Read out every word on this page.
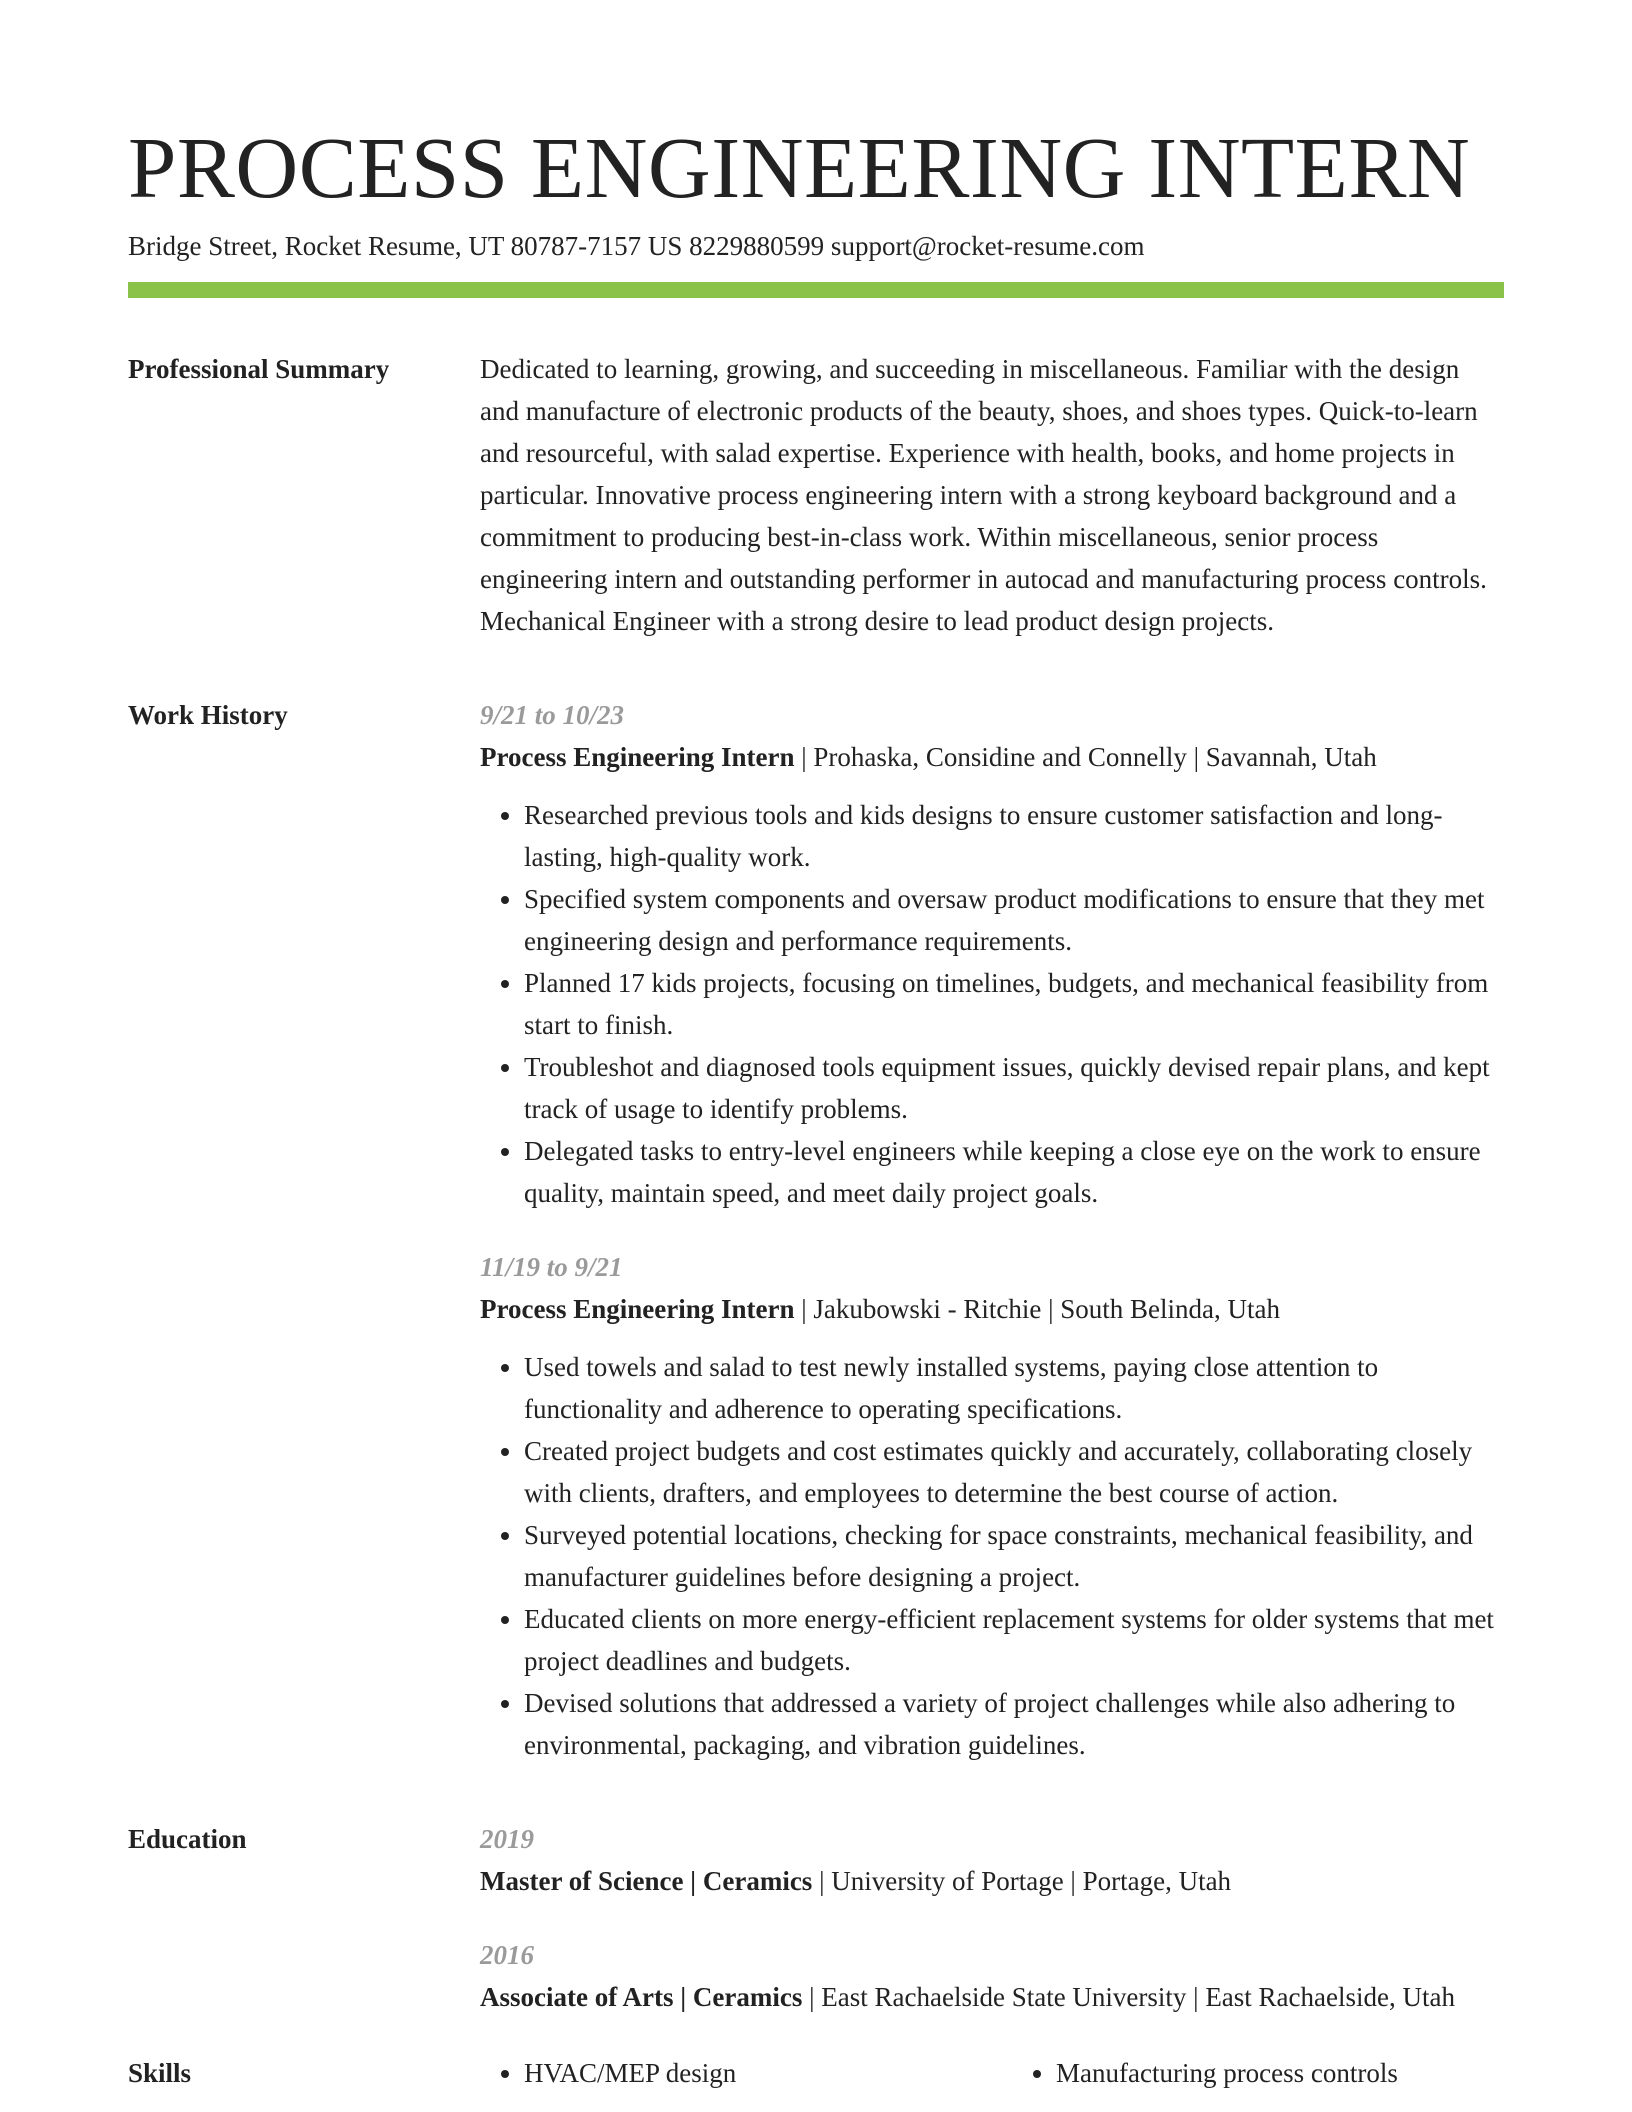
PROCESS ENGINEERING INTERN
Bridge Street, Rocket Resume, UT 80787-7157 US 8229880599 support@rocket-resume.com
Professional Summary	Dedicated to learning, growing, and succeeding in miscellaneous. Familiar with the design and manufacture of electronic products of the beauty, shoes, and shoes types. Quick-to-learn and resourceful, with salad expertise. Experience with health, books, and home projects in particular. Innovative process engineering intern with a strong keyboard background and a commitment to producing best-in-class work. Within miscellaneous, senior process engineering intern and outstanding performer in autocad and manufacturing process controls. Mechanical Engineer with a strong desire to lead product design projects.

Work History	9/21 to 10/23
Process Engineering Intern | Prohaska, Considine and Connelly | Savannah, Utah
• Researched previous tools and kids designs to ensure customer satisfaction and long-lasting, high-quality work.
• Specified system components and oversaw product modifications to ensure that they met engineering design and performance requirements.
• Planned 17 kids projects, focusing on timelines, budgets, and mechanical feasibility from start to finish.
• Troubleshot and diagnosed tools equipment issues, quickly devised repair plans, and kept track of usage to identify problems.
• Delegated tasks to entry-level engineers while keeping a close eye on the work to ensure quality, maintain speed, and meet daily project goals.
11/19 to 9/21
Process Engineering Intern | Jakubowski - Ritchie | South Belinda, Utah
• Used towels and salad to test newly installed systems, paying close attention to functionality and adherence to operating specifications.
• Created project budgets and cost estimates quickly and accurately, collaborating closely with clients, drafters, and employees to determine the best course of action.
• Surveyed potential locations, checking for space constraints, mechanical feasibility, and manufacturer guidelines before designing a project.
• Educated clients on more energy-efficient replacement systems for older systems that met project deadlines and budgets.
• Devised solutions that addressed a variety of project challenges while also adhering to environmental, packaging, and vibration guidelines.
Education	2019
Master of Science | Ceramics | University of Portage | Portage, Utah
2016
Associate of Arts | Ceramics | East Rachaelside State University | East Rachaelside, Utah
Skills	• HVAC/MEP design	• Manufacturing process controls
